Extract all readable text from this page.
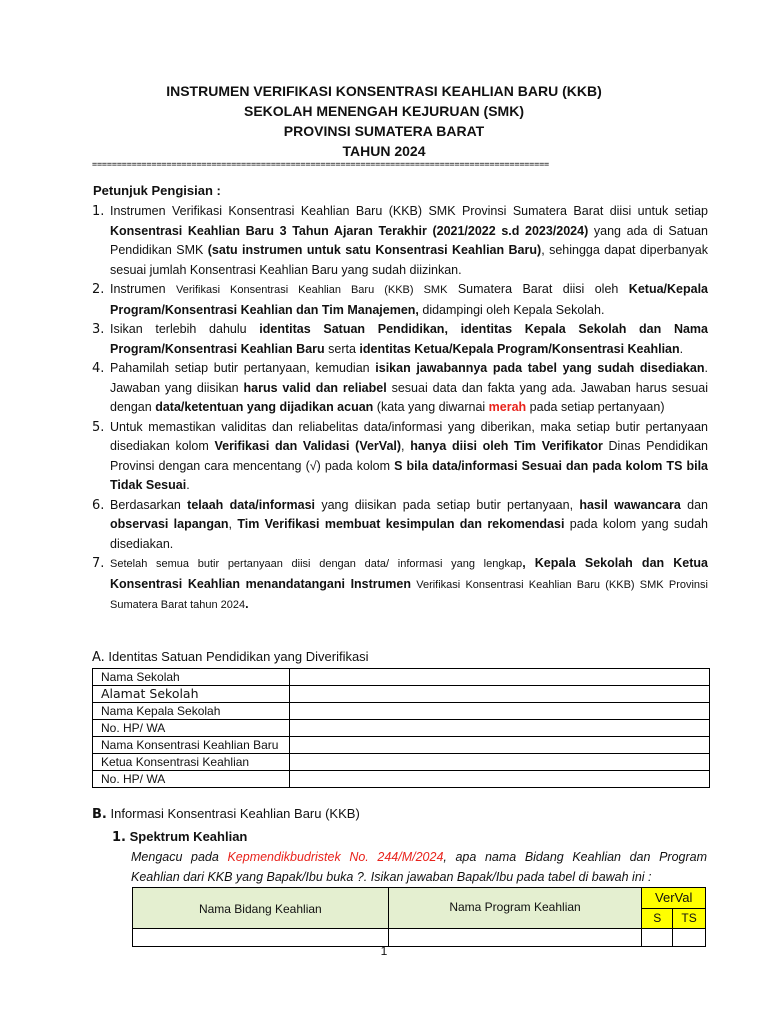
INSTRUMEN VERIFIKASI KONSENTRASI KEAHLIAN BARU (KKB)
SEKOLAH MENENGAH KEJURUAN (SMK)
PROVINSI SUMATERA BARAT
TAHUN 2024
============================================================================================
Petunjuk Pengisian :
1. Instrumen Verifikasi Konsentrasi Keahlian Baru (KKB) SMK Provinsi Sumatera Barat diisi untuk setiap Konsentrasi Keahlian Baru 3 Tahun Ajaran Terakhir (2021/2022 s.d 2023/2024) yang ada di Satuan Pendidikan SMK (satu instrumen untuk satu Konsentrasi Keahlian Baru), sehingga dapat diperbanyak sesuai jumlah Konsentrasi Keahlian Baru yang sudah diizinkan.
2. Instrumen Verifikasi Konsentrasi Keahlian Baru (KKB) SMK Sumatera Barat diisi oleh Ketua/Kepala Program/Konsentrasi Keahlian dan Tim Manajemen, didampingi oleh Kepala Sekolah.
3. Isikan terlebih dahulu identitas Satuan Pendidikan, identitas Kepala Sekolah dan Nama Program/Konsentrasi Keahlian Baru serta identitas Ketua/Kepala Program/Konsentrasi Keahlian.
4. Pahamilah setiap butir pertanyaan, kemudian isikan jawabannya pada tabel yang sudah disediakan. Jawaban yang diisikan harus valid dan reliabel sesuai data dan fakta yang ada. Jawaban harus sesuai dengan data/ketentuan yang dijadikan acuan (kata yang diwarnai merah pada setiap pertanyaan)
5. Untuk memastikan validitas dan reliabelitas data/informasi yang diberikan, maka setiap butir pertanyaan disediakan kolom Verifikasi dan Validasi (VerVal), hanya diisi oleh Tim Verifikator Dinas Pendidikan Provinsi dengan cara mencentang (√) pada kolom S bila data/informasi Sesuai dan pada kolom TS bila Tidak Sesuai.
6. Berdasarkan telaah data/informasi yang diisikan pada setiap butir pertanyaan, hasil wawancara dan observasi lapangan, Tim Verifikasi membuat kesimpulan dan rekomendasi pada kolom yang sudah disediakan.
7. Setelah semua butir pertanyaan diisi dengan data/ informasi yang lengkap, Kepala Sekolah dan Ketua Konsentrasi Keahlian menandatangani Instrumen Verifikasi Konsentrasi Keahlian Baru (KKB) SMK Provinsi Sumatera Barat tahun 2024.
A. Identitas Satuan Pendidikan yang Diverifikasi
Nama Sekolah	
Alamat Sekolah	
Nama Kepala Sekolah	
No. HP/ WA	
Nama Konsentrasi Keahlian Baru	
Ketua Konsentrasi Keahlian	
No. HP/ WA	
B. Informasi Konsentrasi Keahlian Baru (KKB)
1. Spektrum Keahlian
Mengacu pada Kepmendikbudristek No. 244/M/2024, apa nama Bidang Keahlian dan Program Keahlian dari KKB yang Bapak/Ibu buka ?. Isikan jawaban Bapak/Ibu pada tabel di bawah ini :
Nama Bidang Keahlian	Nama Program Keahlian	VerVal	
		S	TS

1
